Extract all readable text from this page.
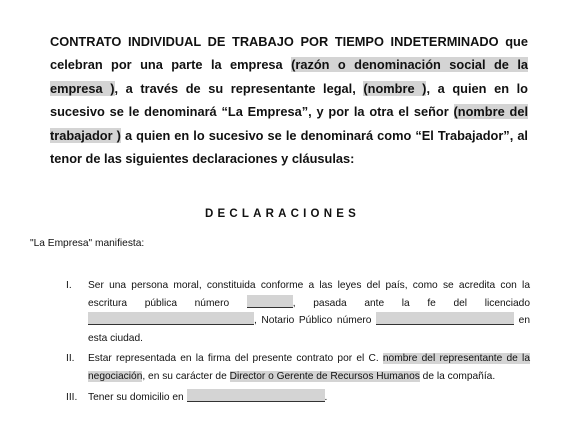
CONTRATO INDIVIDUAL DE TRABAJO POR TIEMPO INDETERMINADO que celebran por una parte la empresa (razón o denominación social de la empresa ), a través de su representante legal, (nombre ), a quien en lo sucesivo se le denominará “La Empresa”, y por la otra el señor (nombre del trabajador ) a quien en lo sucesivo se le denominará como “El Trabajador”, al tenor de las siguientes declaraciones y cláusulas:

DECLARACIONES

"La Empresa" manifiesta:

I. Ser una persona moral, constituida conforme a las leyes del país, como se acredita con la escritura pública número	, pasada ante la fe del licenciado , Notario Público número	en esta ciudad.
II. Estar representada en la firma del presente contrato por el C. nombre del representante de la negociación, en su carácter de Director o Gerente de Recursos Humanos de la compañía.
III. Tener su domicilio en	.
